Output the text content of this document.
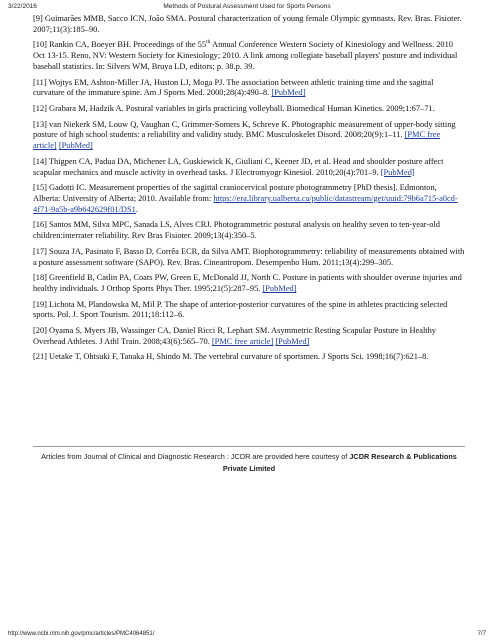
3/22/2016	Methods of Postural Assessment Used for Sports Persons

[9] Guimarães MMB, Sacco ICN, João SMA. Postural characterization of young female Olympic gymnasts. Rev. Bras. Fisioter. 2007;11(3):185–90.

[10] Rankin CA, Boeyer BH. Proceedings of the 55th Annual Conference Western Society of Kinesiology and Wellness. 2010 Oct 13-15. Reno, NV: Western Society for Kinesiology; 2010. A link among collegiate baseball players' posture and individual baseball statistics. In: Silvers WM, Bruya LD, editors; p. 38.p. 39.

[11] Wojtys EM, Ashton-Miller JA, Huston LJ, Moga PJ. The association between athletic training time and the sagittal curvature of the immature spine. Am J Sports Med. 2000;28(4):490–8. [PubMed]

[12] Grabara M, Hadzik A. Postural variables in girls practicing volleyball. Biomedical Human Kinetics. 2009;1:67–71.

[13] van Niekerk SM, Louw Q, Vaughan C, Grimmer-Somers K, Schreve K. Photographic measurement of upper-body sitting posture of high school students: a reliability and validity study. BMC Musculoskelet Disord. 2008;20(9):1–11. [PMC free article] [PubMed]

[14] Thigpen CA, Padua DA, Michener LA, Guskiewick K, Giuliani C, Keener JD, et al. Head and shoulder posture affect scapular mechanics and muscle activity in overhead tasks. J Electromyogr Kinesiol. 2010;20(4):701–9. [PubMed]

[15] Gadotti IC. Measurement properties of the sagittal craniocervical posture photogrammetry [PhD thesis]. Edmonton, Alberta: University of Alberta; 2010. Available from: https://era.library.ualberta.ca/public/datastream/get/uuid:79b6a715-a0cd-4f71-9a5b-a9b642629f01/DS1.

[16] Santos MM, Silva MPC, Sanada LS, Alves CRJ. Photogrammetric postural analysis on healthy seven to ten-year-old children:interrater reliability. Rev Bras Fisioter. 2009;13(4):350–5.

[17] Souza JA, Pasinato F, Basso D, Corrêa ECR, da Silva AMT. Biophotogrammetry: reliability of measurements obtained with a posture assessment software (SAPO). Rev. Bras. Cineantropom. Desempenho Hum. 2011;13(4):299–305.

[18] Greenfield B, Catlin PA, Coats PW, Green E, McDonald JJ, North C. Posture in patients with shoulder overuse injuries and healthy individuals. J Orthop Sports Phys Ther. 1995;21(5):287–95. [PubMed]

[19] Lichota M, Plandowska M, Mil P. The shape of anterior-posterior curvatures of the spine in athletes practicing selected sports. Pol. J. Sport Tourism. 2011;18:112–6.

[20] Oyama S, Myers JB, Wassinger CA, Daniel Ricci R, Lephart SM. Asymmetric Resting Scapular Posture in Healthy Overhead Athletes. J Athl Train. 2008;43(6):565–70. [PMC free article] [PubMed]

[21] Uetake T, Ohtsuki F, Tanaka H, Shindo M. The vertebral curvature of sportsmen. J Sports Sci. 1998;16(7):621–8.

Articles from Journal of Clinical and Diagnostic Research : JCDR are provided here courtesy of JCDR Research & Publications Private Limited
http://www.ncbi.nlm.nih.gov/pmc/articles/PMC4064851/	7/7
